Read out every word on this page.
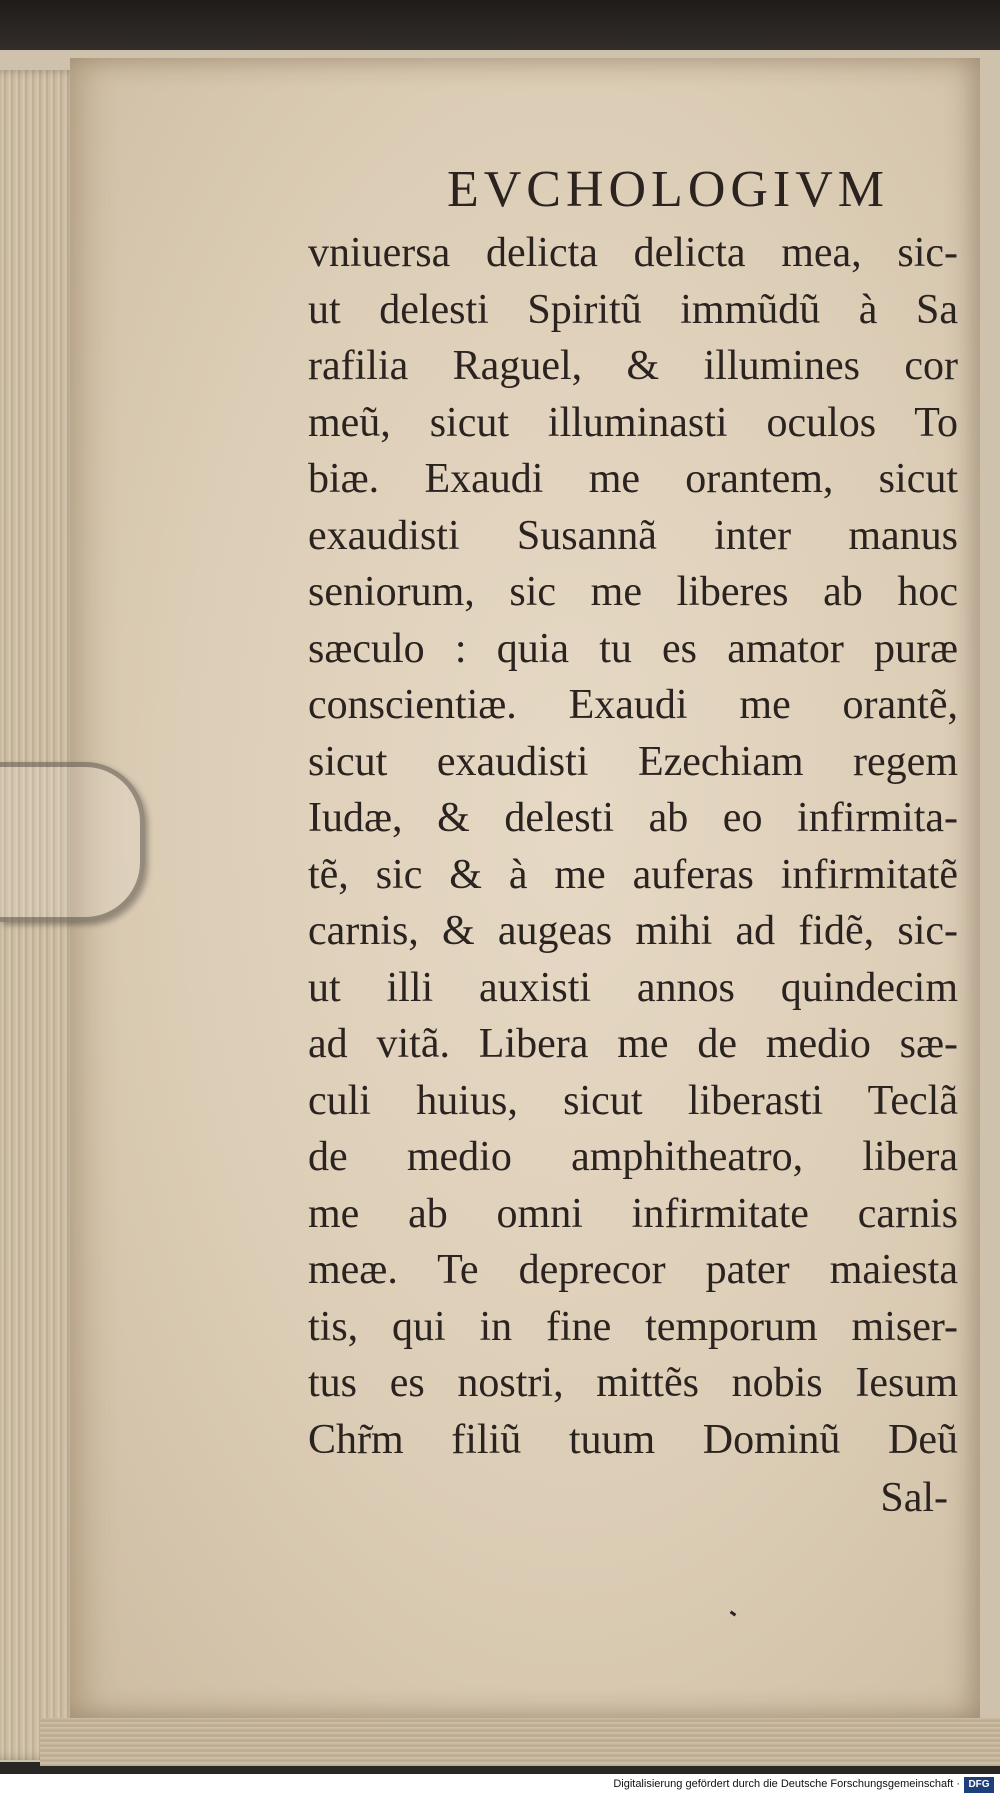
EVCHOLOGIVM
vniuersa delicta delicta mea, sic-
ut delesti Spiritũ immũdũ à Sa
rafilia Raguel, & illumines cor
meũ, sicut illuminasti oculos To
biæ. Exaudi me orantem, sicut
exaudisti Susannã inter manus
seniorum, sic me liberes ab hoc
sæculo : quia tu es amator puræ
conscientiæ. Exaudi me orantẽ,
sicut exaudisti Ezechiam regem
Iudæ, & delesti ab eo infirmita-
tẽ, sic & à me auferas infirmitatẽ
carnis, & augeas mihi ad fidẽ, sic-
ut illi auxisti annos quindecim
ad vitã. Libera me de medio sæ-
culi huius, sicut liberasti Teclã
de medio amphitheatro, libera
me ab omni infirmitate carnis
meæ. Te deprecor pater maiesta
tis, qui in fine temporum miser-
tus es nostri, mittẽs nobis Iesum
Chr̃m filiũ tuum Dominũ Deũ
Sal-
Digitalisierung gefördert durch die Deutsche Forschungsgemeinschaft · DFG
